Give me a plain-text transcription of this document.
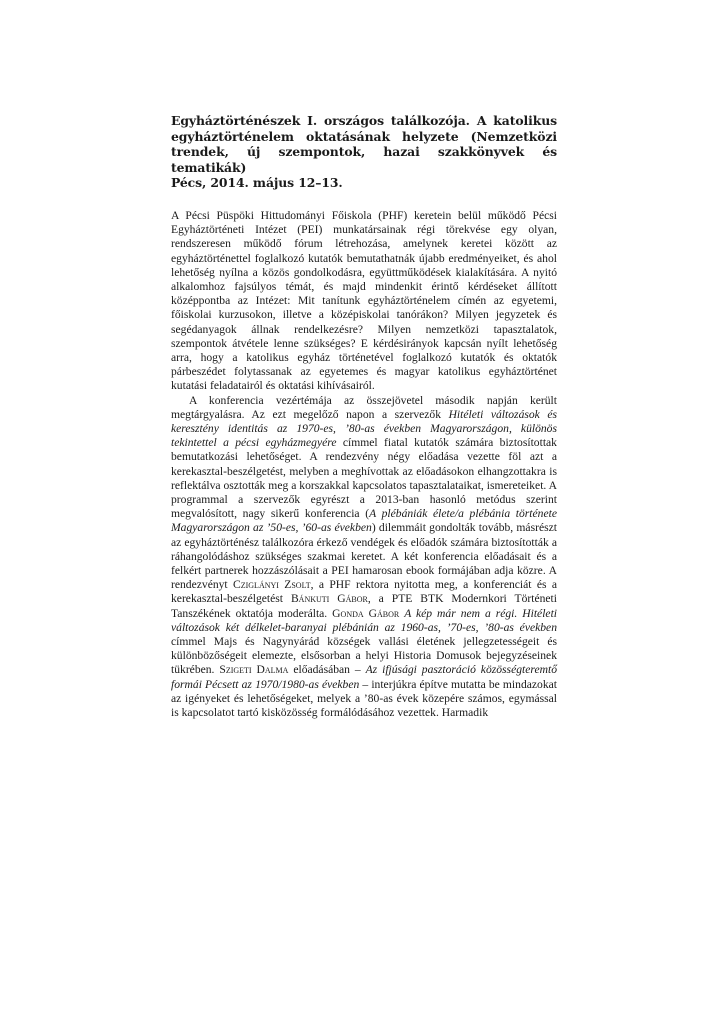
Egyháztörténészek I. országos találkozója. A katolikus egyháztörténelem oktatásának helyzete (Nemzetközi trendek, új szempontok, hazai szakkönyvek és tematikák)
Pécs, 2014. május 12–13.

A Pécsi Püspöki Hittudományi Főiskola (PHF) keretein belül működő Pécsi Egyháztörténeti Intézet (PEI) munkatársainak régi törekvése egy olyan, rendszeresen működő fórum létrehozása, amelynek keretei között az egyháztörténettel foglalkozó kutatók bemutathatnák újabb eredményeiket, és ahol lehetőség nyílna a közös gondolkodásra, együttműködések kialakítására. A nyitó alkalomhoz fajsúlyos témát, és majd mindenkit érintő kérdéseket állított középpontba az Intézet: Mit tanítunk egyháztörténelem címén az egyetemi, főiskolai kurzusokon, illetve a középiskolai tanórákon? Milyen jegyzetek és segédanyagok állnak rendelkezésre? Milyen nemzetközi tapasztalatok, szempontok átvétele lenne szükséges? E kérdésirányok kapcsán nyílt lehetőség arra, hogy a katolikus egyház történetével foglalkozó kutatók és oktatók párbeszédet folytassanak az egyetemes és magyar katolikus egyháztörténet kutatási feladatairól és oktatási kihívásairól.

A konferencia vezértémája az összejövetel második napján került megtárgyalásra. Az ezt megelőző napon a szervezők Hitéleti változások és keresztény identitás az 1970-es, ’80-as években Magyarországon, különös tekintettel a pécsi egyházmegyére címmel fiatal kutatók számára biztosítottak bemutatkozási lehetőséget. A rendezvény négy előadása vezette föl azt a kerekasztal-beszélgetést, melyben a meghívottak az előadásokon elhangzottakra is reflektálva osztották meg a korszakkal kapcsolatos tapasztalataikat, ismereteiket. A programmal a szervezők egyrészt a 2013-ban hasonló metódus szerint megvalósított, nagy sikerű konferencia (A plébániák élete/a plébánia története Magyarországon az ’50-es, ’60-as években) dilemmáit gondolták tovább, másrészt az egyháztörténész találkozóra érkező vendégek és előadók számára biztosították a ráhangolódáshoz szükséges szakmai keretet. A két konferencia előadásait és a felkért partnerek hozzászólásait a PEI hamarosan ebook formájában adja közre. A rendezvényt Cziglányi Zsolt, a PHF rektora nyitotta meg, a konferenciát és a kerekasztal-beszélgetést Bánkuti Gábor, a PTE BTK Modernkori Történeti Tanszékének oktatója moderálta. Gonda Gábor A kép már nem a régi. Hitéleti változások két délkelet-baranyai plébánián az 1960-as, ’70-es, ’80-as években címmel Majs és Nagynyárád községek vallási életének jellegzetességeit és különbözőségeit elemezte, elsősorban a helyi Historia Domusok bejegyzéseinek tükrében. Szigeti Dalma előadásában – Az ifjúsági pasztoráció közösségteremtő formái Pécsett az 1970/1980-as években – interjúkra építve mutatta be mindazokat az igényeket és lehetőségeket, melyek a ’80-as évek közepére számos, egymással is kapcsolatot tartó kisközösség formálódásához vezettek. Harmadik
